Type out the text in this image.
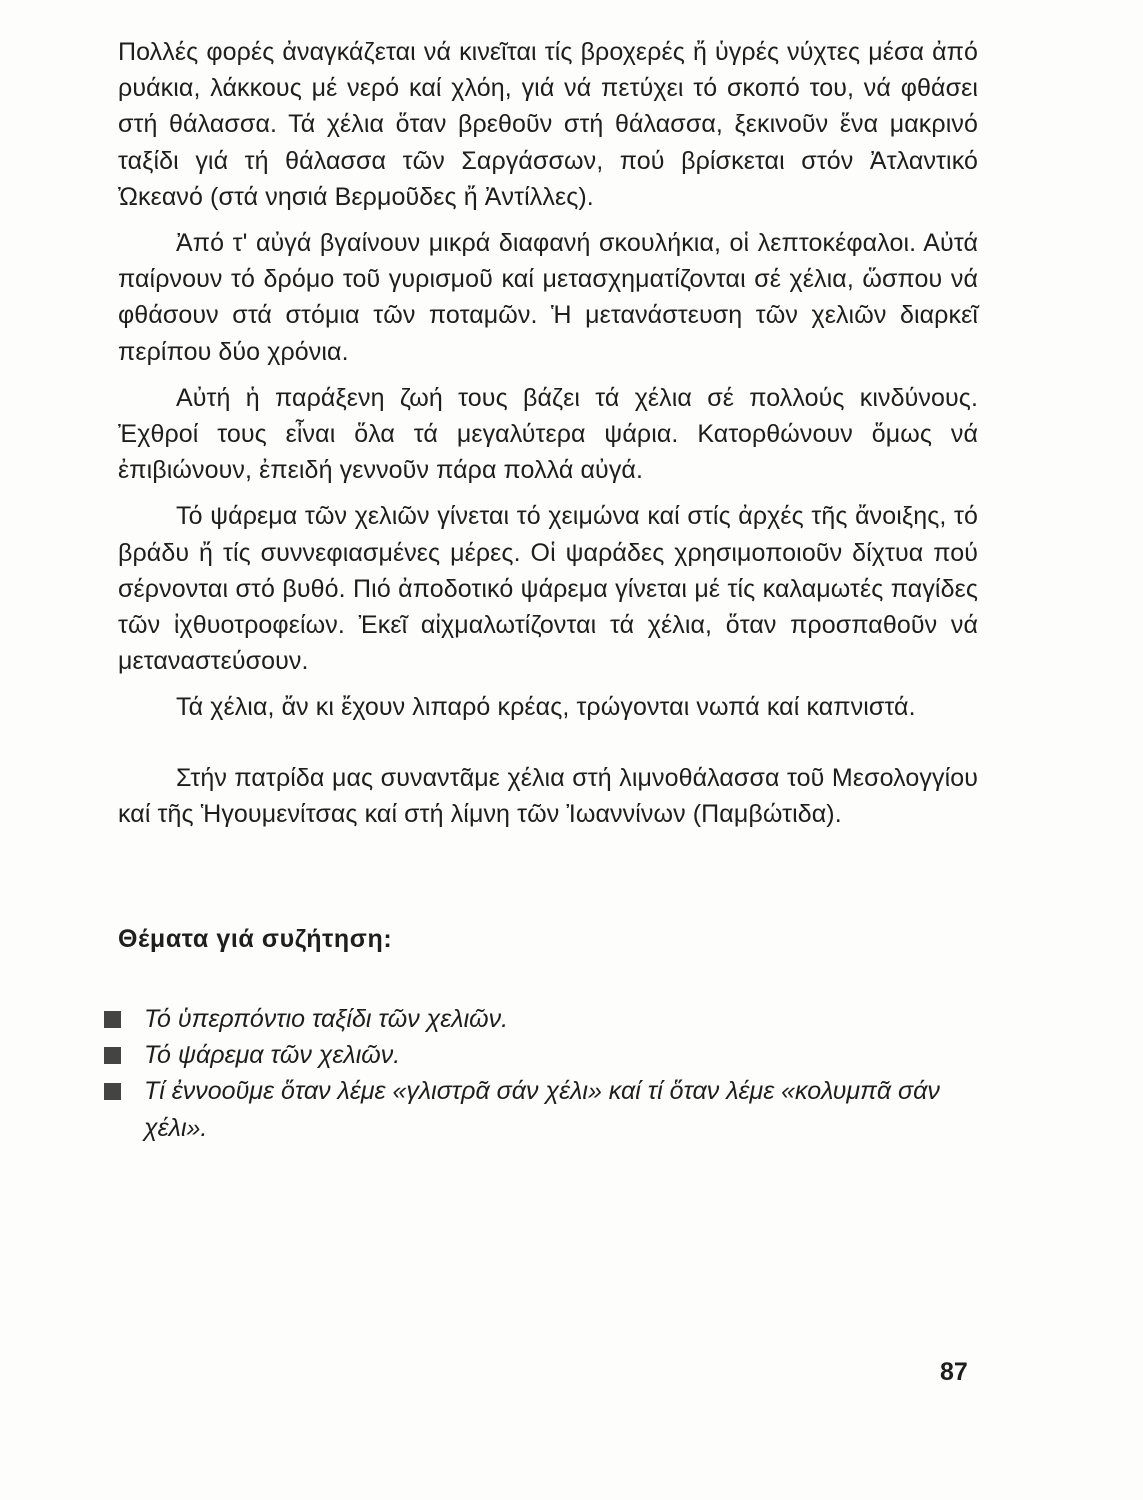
Πολλές φορές ἀναγκάζεται νά κινεῖται τίς βροχερές ἤ ὑγρές νύχτες μέσα ἀπό ρυάκια, λάκκους μέ νερό καί χλόη, γιά νά πετύχει τό σκοπό του, νά φθάσει στή θάλασσα. Τά χέλια ὅταν βρεθοῦν στή θάλασσα, ξεκινοῦν ἕνα μακρινό ταξίδι γιά τή θάλασσα τῶν Σαργάσσων, πού βρίσκεται στόν Ἀτλαντικό Ὠκεανό (στά νησιά Βερμοῦδες ἤ Ἀντίλλες).

Ἀπό τ' αὐγά βγαίνουν μικρά διαφανή σκουλήκια, οἱ λεπτοκέφαλοι. Αὐτά παίρνουν τό δρόμο τοῦ γυρισμοῦ καί μετασχηματίζονται σέ χέλια, ὥσπου νά φθάσουν στά στόμια τῶν ποταμῶν. Ἡ μετανάστευση τῶν χελιῶν διαρκεῖ περίπου δύο χρόνια.

Αὐτή ἡ παράξενη ζωή τους βάζει τά χέλια σέ πολλούς κινδύνους. Ἐχθροί τους εἶναι ὅλα τά μεγαλύτερα ψάρια. Κατορθώνουν ὅμως νά ἐπιβιώνουν, ἐπειδή γεννοῦν πάρα πολλά αὐγά.

Τό ψάρεμα τῶν χελιῶν γίνεται τό χειμώνα καί στίς ἀρχές τῆς ἄνοιξης, τό βράδυ ἤ τίς συννεφιασμένες μέρες. Οἱ ψαράδες χρησιμοποιοῦν δίχτυα πού σέρνονται στό βυθό. Πιό ἀποδοτικό ψάρεμα γίνεται μέ τίς καλαμωτές παγίδες τῶν ἰχθυοτροφείων. Ἐκεῖ αἰχμαλωτίζονται τά χέλια, ὅταν προσπαθοῦν νά μεταναστεύσουν.

Τά χέλια, ἄν κι ἔχουν λιπαρό κρέας, τρώγονται νωπά καί καπνιστά.

Στήν πατρίδα μας συναντᾶμε χέλια στή λιμνοθάλασσα τοῦ Μεσολογγίου καί τῆς Ἡγουμενίτσας καί στή λίμνη τῶν Ἰωαννίνων (Παμβώτιδα).

Θέματα γιά συζήτηση:
Τό ὑπερπόντιο ταξίδι τῶν χελιῶν.
Τό ψάρεμα τῶν χελιῶν.
Τί ἐννοοῦμε ὅταν λέμε «γλιστρᾶ σάν χέλι» καί τί ὅταν λέμε «κολυμπᾶ σάν χέλι».
87
